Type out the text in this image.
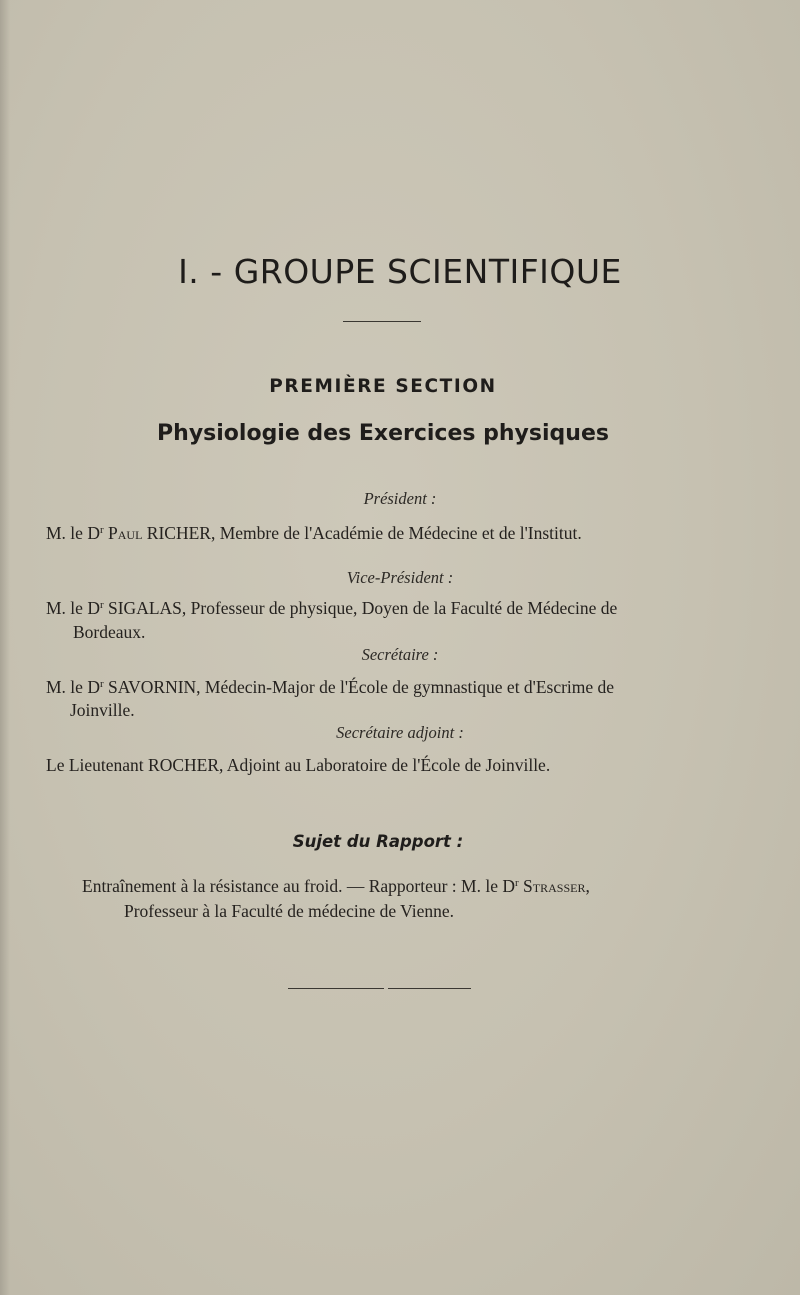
I. - GROUPE SCIENTIFIQUE
PREMIÈRE SECTION
Physiologie des Exercices physiques
Président :
M. le $D^r$ Paul RICHER, Membre de l'Académie de Médecine et de l'Institut.
Vice-Président :
M. le $D^r$ SIGALAS, Professeur de physique, Doyen de la Faculté de Médecine de
Bordeaux.
Secrétaire :
M. le $D^r$ SAVORNIN, Médecin-Major de l'École de gymnastique et d'Escrime de
Joinville.
Secrétaire adjoint :
Le Lieutenant ROCHER, Adjoint au Laboratoire de l'École de Joinville.
Sujet du Rapport :
Entraînement à la résistance au froid. — Rapporteur : M. le $D^r$ Strasser,
Professeur à la Faculté de médecine de Vienne.
